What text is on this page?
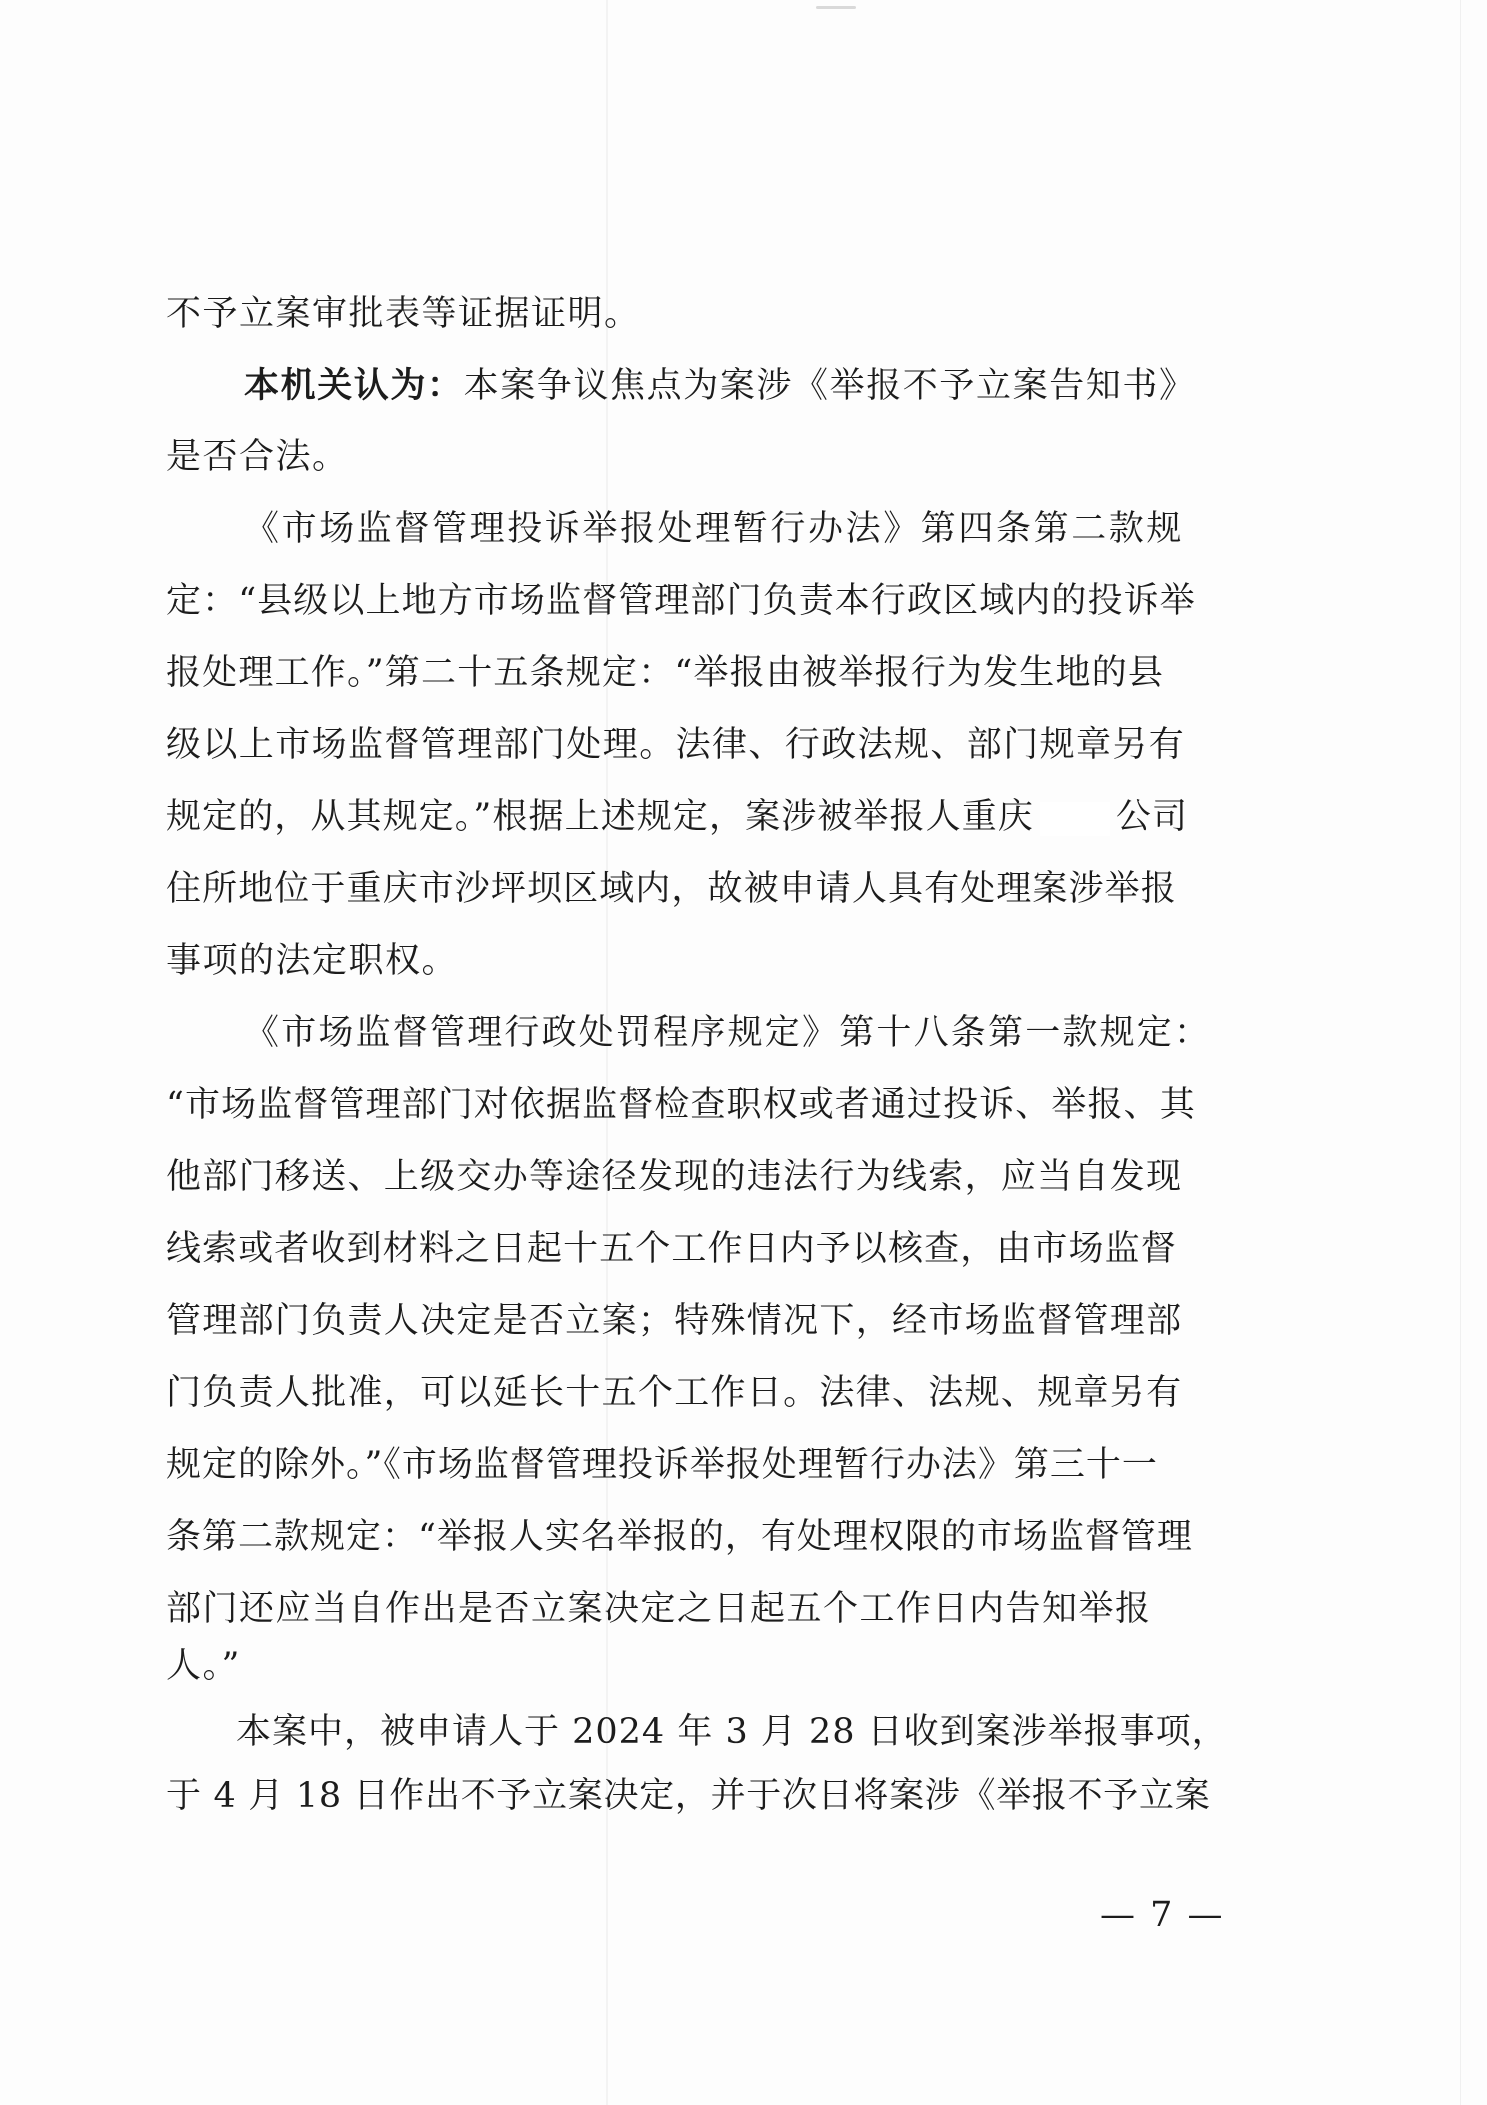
不予立案审批表等证据证明。
本机关认为：本案争议焦点为案涉《举报不予立案告知书》
是否合法。
《市场监督管理投诉举报处理暂行办法》第四条第二款规
定：“县级以上地方市场监督管理部门负责本行政区域内的投诉举
报处理工作。”第二十五条规定：“举报由被举报行为发生地的县
级以上市场监督管理部门处理。法律、行政法规、部门规章另有
规定的，从其规定。”根据上述规定，案涉被举报人重庆 公司
住所地位于重庆市沙坪坝区域内，故被申请人具有处理案涉举报
事项的法定职权。
《市场监督管理行政处罚程序规定》第十八条第一款规定：
“市场监督管理部门对依据监督检查职权或者通过投诉、举报、其
他部门移送、上级交办等途径发现的违法行为线索，应当自发现
线索或者收到材料之日起十五个工作日内予以核查，由市场监督
管理部门负责人决定是否立案；特殊情况下，经市场监督管理部
门负责人批准，可以延长十五个工作日。法律、法规、规章另有
规定的除外。”《市场监督管理投诉举报处理暂行办法》第三十一
条第二款规定：“举报人实名举报的，有处理权限的市场监督管理
部门还应当自作出是否立案决定之日起五个工作日内告知举报
人。”
本案中，被申请人于 2024 年 3 月 28 日收到案涉举报事项，
于 4 月 18 日作出不予立案决定，并于次日将案涉《举报不予立案
— 7 —
